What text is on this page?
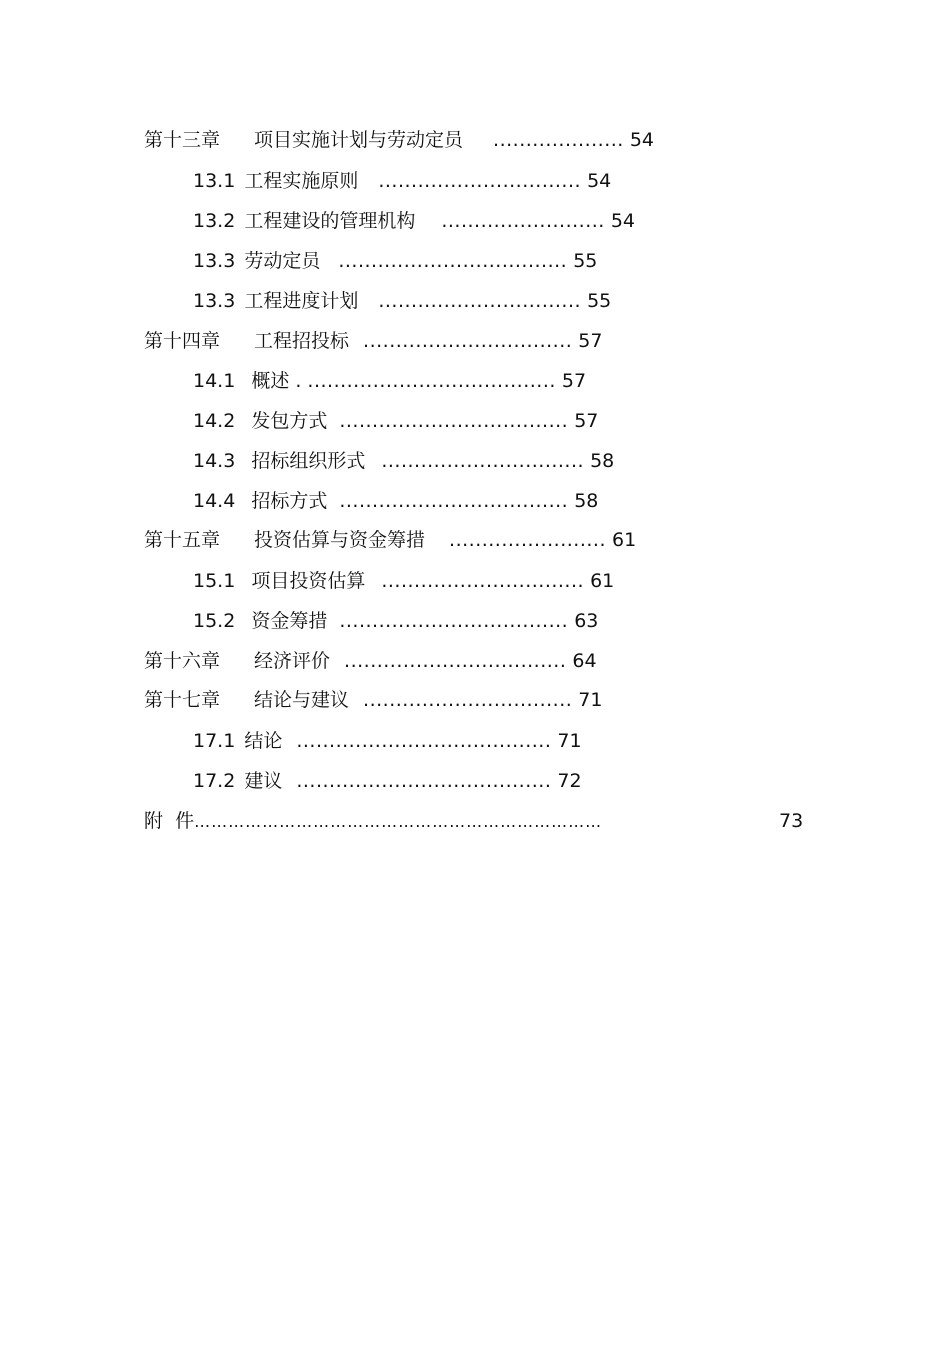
第十三章 项目实施计划与劳动定员 .................... 54
13.1 工程实施原则 ............................... 54
13.2 工程建设的管理机构 ......................... 54
13.3 劳动定员 ................................... 55
13.3 工程进度计划 ............................... 55
第十四章 工程招投标 ................................ 57
14.1 概述 . ...................................... 57
14.2 发包方式 ................................... 57
14.3 招标组织形式 ............................... 58
14.4 招标方式 ................................... 58
第十五章 投资估算与资金筹措 ........................ 61
15.1 项目投资估算 ............................... 61
15.2 资金筹措 ................................... 63
第十六章 经济评价 .................................. 64
第十七章 结论与建议 ................................ 71
17.1 结论 ....................................... 71
17.2 建议 ....................................... 72
附  件………………………………………………………………	73
